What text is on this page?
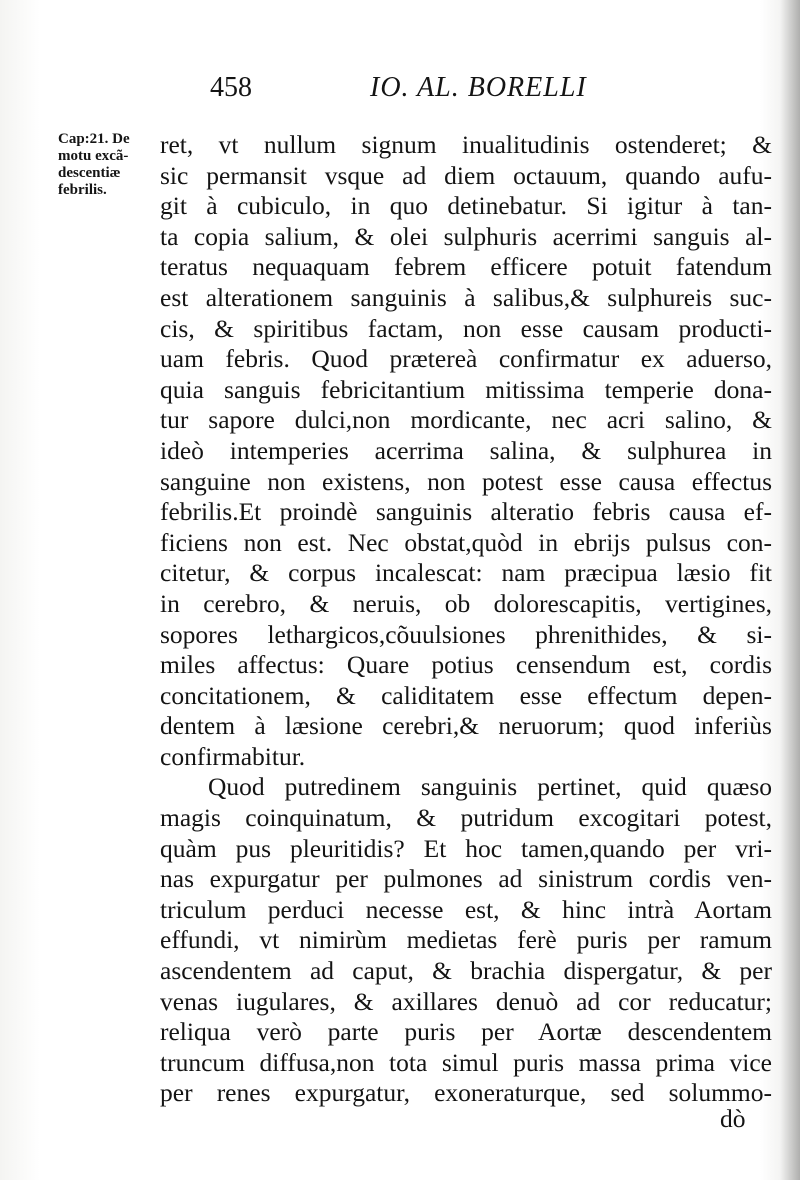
458	IO. AL. BORELLI
Cap:21. De
motu excã-
descentiæ
febrilis.
ret, vt nullum signum inualitudinis ostenderet; &
sic permansit vsque ad diem octauum, quando aufu-
git à cubiculo, in quo detinebatur. Si igitur à tan-
ta copia salium, & olei sulphuris acerrimi sanguis al-
teratus nequaquam febrem efficere potuit fatendum
est alterationem sanguinis à salibus,& sulphureis suc-
cis, & spiritibus factam, non esse causam producti-
uam febris. Quod prætereà confirmatur ex aduerso,
quia sanguis febricitantium mitissima temperie dona-
tur sapore dulci,non mordicante, nec acri salino, &
ideò intemperies acerrima salina, & sulphurea in
sanguine non existens, non potest esse causa effectus
febrilis.Et proindè sanguinis alteratio febris causa ef-
ficiens non est. Nec obstat,quòd in ebrijs pulsus con-
citetur, & corpus incalescat: nam præcipua læsio fit
in cerebro, & neruis, ob dolorescapitis, vertigines,
sopores lethargicos,cõuulsiones phrenithides, & si-
miles affectus: Quare potius censendum est, cordis
concitationem, & caliditatem esse effectum depen-
dentem à læsione cerebri,& neruorum; quod inferiùs
confirmabitur.
Quod putredinem sanguinis pertinet, quid quæso
magis coinquinatum, & putridum excogitari potest,
quàm pus pleuritidis? Et hoc tamen,quando per vri-
nas expurgatur per pulmones ad sinistrum cordis ven-
triculum perduci necesse est, & hinc intrà Aortam
effundi, vt nimirùm medietas ferè puris per ramum
ascendentem ad caput, & brachia dispergatur, & per
venas iugulares, & axillares denuò ad cor reducatur;
reliqua verò parte puris per Aortæ descendentem
truncum diffusa,non tota simul puris massa prima vice
per renes expurgatur, exoneraturque, sed solummo-
dò
